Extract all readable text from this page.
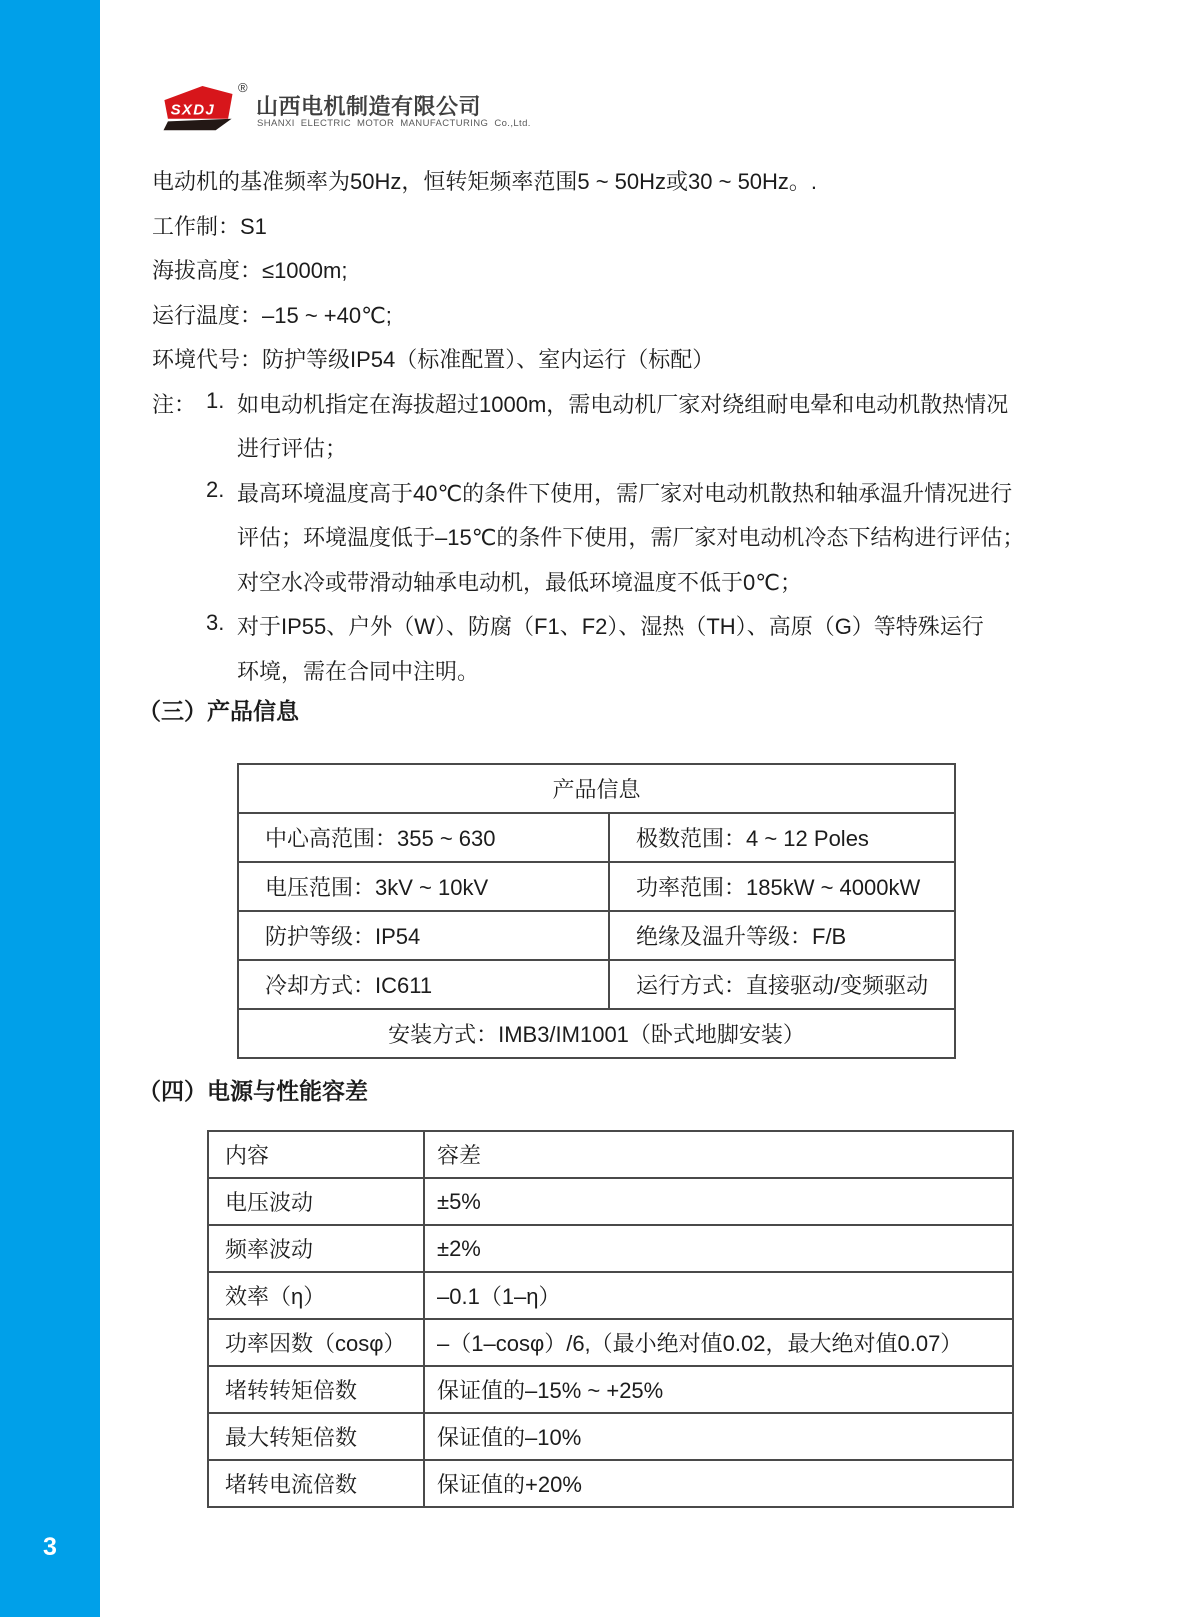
3
SXDJ
®
山西电机制造有限公司
SHANXI ELECTRIC MOTOR MANUFACTURING Co.,Ltd.
电动机的基准频率为50Hz，恒转矩频率范围5 ~ 50Hz或30 ~ 50Hz。.
工作制：S1
海拔高度：≤1000m;
运行温度：–15 ~ +40℃;
环境代号：防护等级IP54（标准配置）、室内运行（标配）
注： 1. 如电动机指定在海拔超过1000m，需电动机厂家对绕组耐电晕和电动机散热情况
进行评估；
2. 最高环境温度高于40℃的条件下使用，需厂家对电动机散热和轴承温升情况进行
评估；环境温度低于–15℃的条件下使用，需厂家对电动机冷态下结构进行评估；
对空水冷或带滑动轴承电动机，最低环境温度不低于0℃；
3. 对于IP55、户外（W）、防腐（F1、F2）、湿热（TH）、高原（G）等特殊运行
环境，需在合同中注明。
（三）产品信息
产品信息	
中心高范围：355 ~ 630	极数范围：4 ~ 12 Poles
电压范围：3kV ~ 10kV	功率范围：185kW ~ 4000kW
防护等级：IP54	绝缘及温升等级：F/B
冷却方式：IC611	运行方式：直接驱动/变频驱动
安装方式：IMB3/IM1001（卧式地脚安装）	
（四）电源与性能容差
内容	容差
电压波动	±5%
频率波动	±2%
效率（η）	–0.1（1–η）
功率因数（cosφ）	–（1–cosφ）/6,（最小绝对值0.02，最大绝对值0.07）
堵转转矩倍数	保证值的–15% ~ +25%
最大转矩倍数	保证值的–10%
堵转电流倍数	保证值的+20%
